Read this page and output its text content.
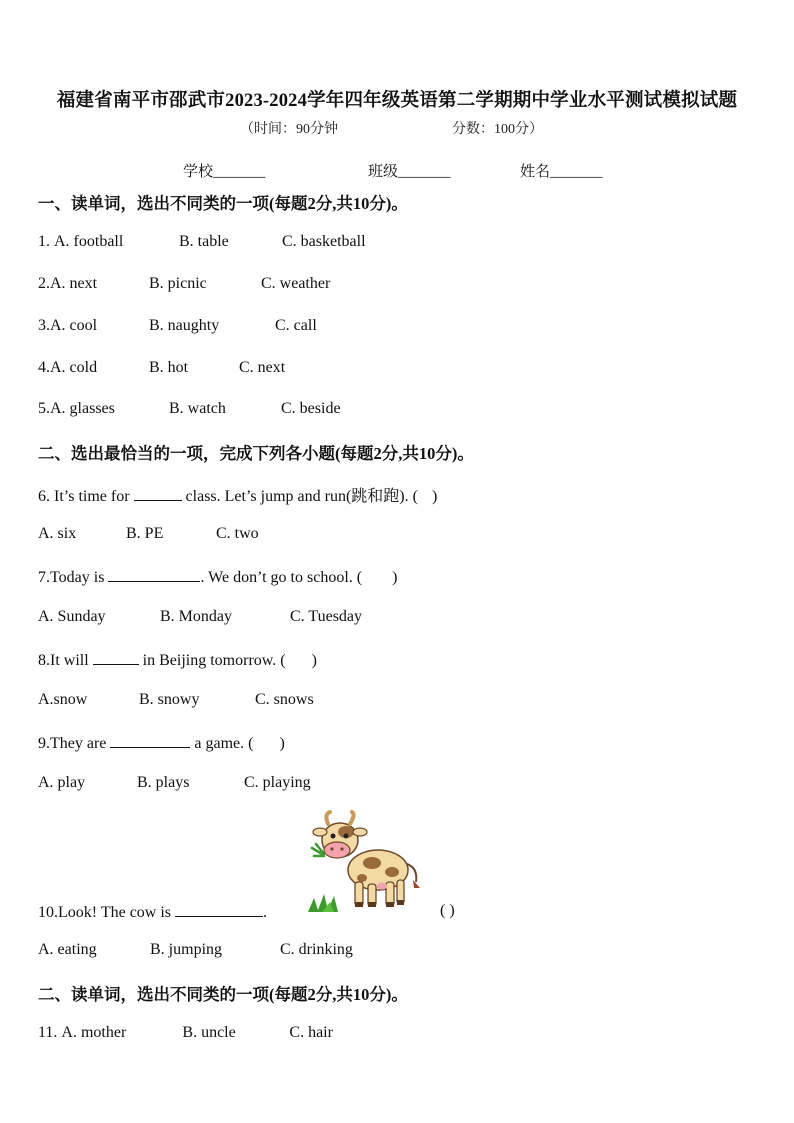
福建省南平市邵武市2023-2024学年四年级英语第二学期期中学业水平测试模拟试题
（时间：90分钟	分数：100分）
学校_______	班级_______	姓名_______
一、读单词，选出不同类的一项(每题2分,共10分)。
1. A. football	B. table	C. basketball
2.A. next	B. picnic	C. weather
3.A. cool	B. naughty	C. call
4.A. cold	B. hot	C. next
5.A. glasses	B. watch	C. beside
二、选出最恰当的一项，完成下列各小题(每题2分,共10分)。
6. It’s time for	class. Let’s jump and run(跳和跑). ( )
A. six	B. PE	C. two
7.Today is	. We don’t go to school. ( )
A. Sunday	B. Monday	C. Tuesday
8.It will	in Beijing tomorrow. ( )
A.snow	B. snowy	C. snows
9.They are	a game. ( )
A. play	B. plays	C. playing
10.Look! The cow is	.	( )
A. eating	B. jumping	C. drinking
二、读单词，选出不同类的一项(每题2分,共10分)。
11. A. mother	B. uncle	C. hair
